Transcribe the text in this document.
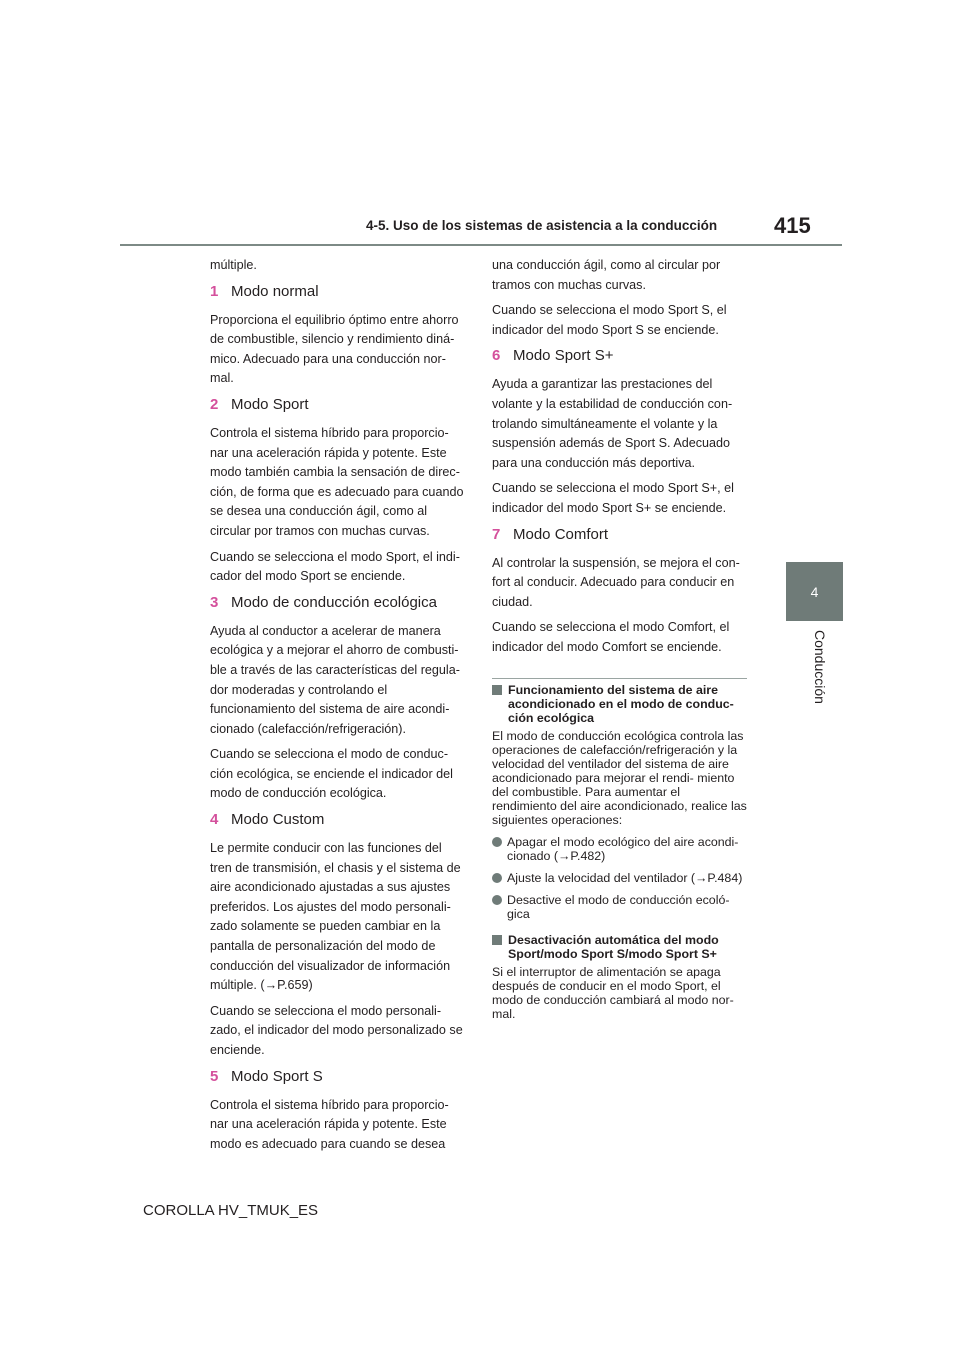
4-5. Uso de los sistemas de asistencia a la conducción	415
4
Conducción

múltiple.

1 Modo normal

Proporciona el equilibrio óptimo entre ahorro de combustible, silencio y rendimiento diná- mico. Adecuado para una conducción nor- mal.

2 Modo Sport

Controla el sistema híbrido para proporcio- nar una aceleración rápida y potente. Este modo también cambia la sensación de direc- ción, de forma que es adecuado para cuando se desea una conducción ágil, como al circular por tramos con muchas curvas.

Cuando se selecciona el modo Sport, el indi- cador del modo Sport se enciende.

3 Modo de conducción ecológica

Ayuda al conductor a acelerar de manera ecológica y a mejorar el ahorro de combusti- ble a través de las características del regula- dor moderadas y controlando el funcionamiento del sistema de aire acondi- cionado (calefacción/refrigeración).

Cuando se selecciona el modo de conduc- ción ecológica, se enciende el indicador del modo de conducción ecológica.

4 Modo Custom

Le permite conducir con las funciones del tren de transmisión, el chasis y el sistema de aire acondicionado ajustadas a sus ajustes preferidos. Los ajustes del modo personali- zado solamente se pueden cambiar en la pantalla de personalización del modo de conducción del visualizador de información múltiple. (→P.659)

Cuando se selecciona el modo personali- zado, el indicador del modo personalizado se enciende.

5 Modo Sport S

Controla el sistema híbrido para proporcio- nar una aceleración rápida y potente. Este modo es adecuado para cuando se desea

una conducción ágil, como al circular por tramos con muchas curvas.

Cuando se selecciona el modo Sport S, el indicador del modo Sport S se enciende.

6 Modo Sport S+

Ayuda a garantizar las prestaciones del volante y la estabilidad de conducción con- trolando simultáneamente el volante y la suspensión además de Sport S. Adecuado para una conducción más deportiva.

Cuando se selecciona el modo Sport S+, el indicador del modo Sport S+ se enciende.

7 Modo Comfort

Al controlar la suspensión, se mejora el con- fort al conducir. Adecuado para conducir en ciudad.

Cuando se selecciona el modo Comfort, el indicador del modo Comfort se enciende.

Funcionamiento del sistema de aire acondicionado en el modo de conduc- ción ecológica

El modo de conducción ecológica controla las operaciones de calefacción/refrigeración y la velocidad del ventilador del sistema de aire acondicionado para mejorar el rendi- miento del combustible. Para aumentar el rendimiento del aire acondicionado, realice las siguientes operaciones:

Apagar el modo ecológico del aire acondi- cionado (→P.482)
Ajuste la velocidad del ventilador (→P.484)
Desactive el modo de conducción ecoló- gica
Desactivación automática del modo Sport/modo Sport S/modo Sport S+

Si el interruptor de alimentación se apaga después de conducir en el modo Sport, el modo de conducción cambiará al modo nor- mal.

COROLLA HV_TMUK_ES
